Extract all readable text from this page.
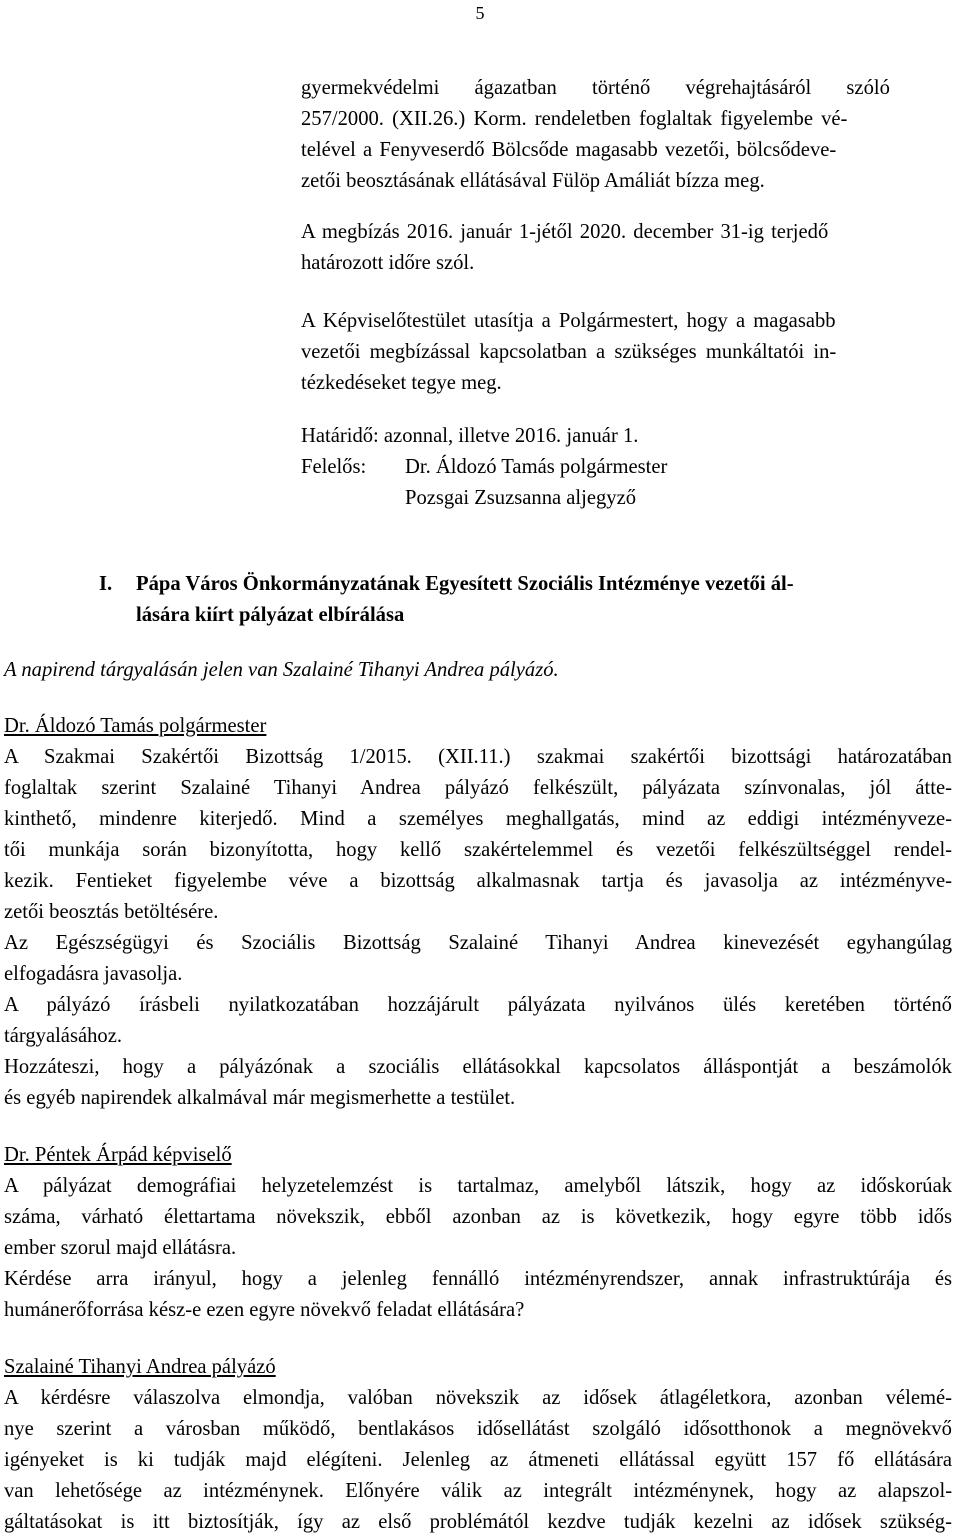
5
gyermekvédelmi ágazatban történő végrehajtásáról szóló
257/2000. (XII.26.) Korm. rendeletben foglaltak figyelembe vé-
telével a Fenyveserdő Bölcsőde magasabb vezetői, bölcsődeve-
zetői beosztásának ellátásával Fülöp Amáliát bízza meg.
A megbízás 2016. január 1-jétől 2020. december 31-ig terjedő
határozott időre szól.
A Képviselőtestület utasítja a Polgármestert, hogy a magasabb
vezetői megbízással kapcsolatban a szükséges munkáltatói in-
tézkedéseket tegye meg.
Határidő: azonnal, illetve 2016. január 1.
Felelős: Dr. Áldozó Tamás polgármester
Pozsgai Zsuzsanna aljegyző
I. Pápa Város Önkormányzatának Egyesített Szociális Intézménye vezetői ál-
lására kiírt pályázat elbírálása
A napirend tárgyalásán jelen van Szalainé Tihanyi Andrea pályázó.
Dr. Áldozó Tamás polgármester
A Szakmai Szakértői Bizottság 1/2015. (XII.11.) szakmai szakértői bizottsági határozatában
foglaltak szerint Szalainé Tihanyi Andrea pályázó felkészült, pályázata színvonalas, jól átte-
kinthető, mindenre kiterjedő. Mind a személyes meghallgatás, mind az eddigi intézményveze-
tői munkája során bizonyította, hogy kellő szakértelemmel és vezetői felkészültséggel rendel-
kezik. Fentieket figyelembe véve a bizottság alkalmasnak tartja és javasolja az intézményve-
zetői beosztás betöltésére.
Az Egészségügyi és Szociális Bizottság Szalainé Tihanyi Andrea kinevezését egyhangúlag
elfogadásra javasolja.
A pályázó írásbeli nyilatkozatában hozzájárult pályázata nyilvános ülés keretében történő
tárgyalásához.
Hozzáteszi, hogy a pályázónak a szociális ellátásokkal kapcsolatos álláspontját a beszámolók
és egyéb napirendek alkalmával már megismerhette a testület.
Dr. Péntek Árpád képviselő
A pályázat demográfiai helyzetelemzést is tartalmaz, amelyből látszik, hogy az időskorúak
száma, várható élettartama növekszik, ebből azonban az is következik, hogy egyre több idős
ember szorul majd ellátásra.
Kérdése arra irányul, hogy a jelenleg fennálló intézményrendszer, annak infrastruktúrája és
humánerőforrása kész-e ezen egyre növekvő feladat ellátására?
Szalainé Tihanyi Andrea pályázó
A kérdésre válaszolva elmondja, valóban növekszik az idősek átlagéletkora, azonban vélemé-
nye szerint a városban működő, bentlakásos idősellátást szolgáló idősotthonok a megnövekvő
igényeket is ki tudják majd elégíteni. Jelenleg az átmeneti ellátással együtt 157 fő ellátására
van lehetősége az intézménynek. Előnyére válik az integrált intézménynek, hogy az alapszol-
gáltatásokat is itt biztosítják, így az első problémától kezdve tudják kezelni az idősek szükség-
